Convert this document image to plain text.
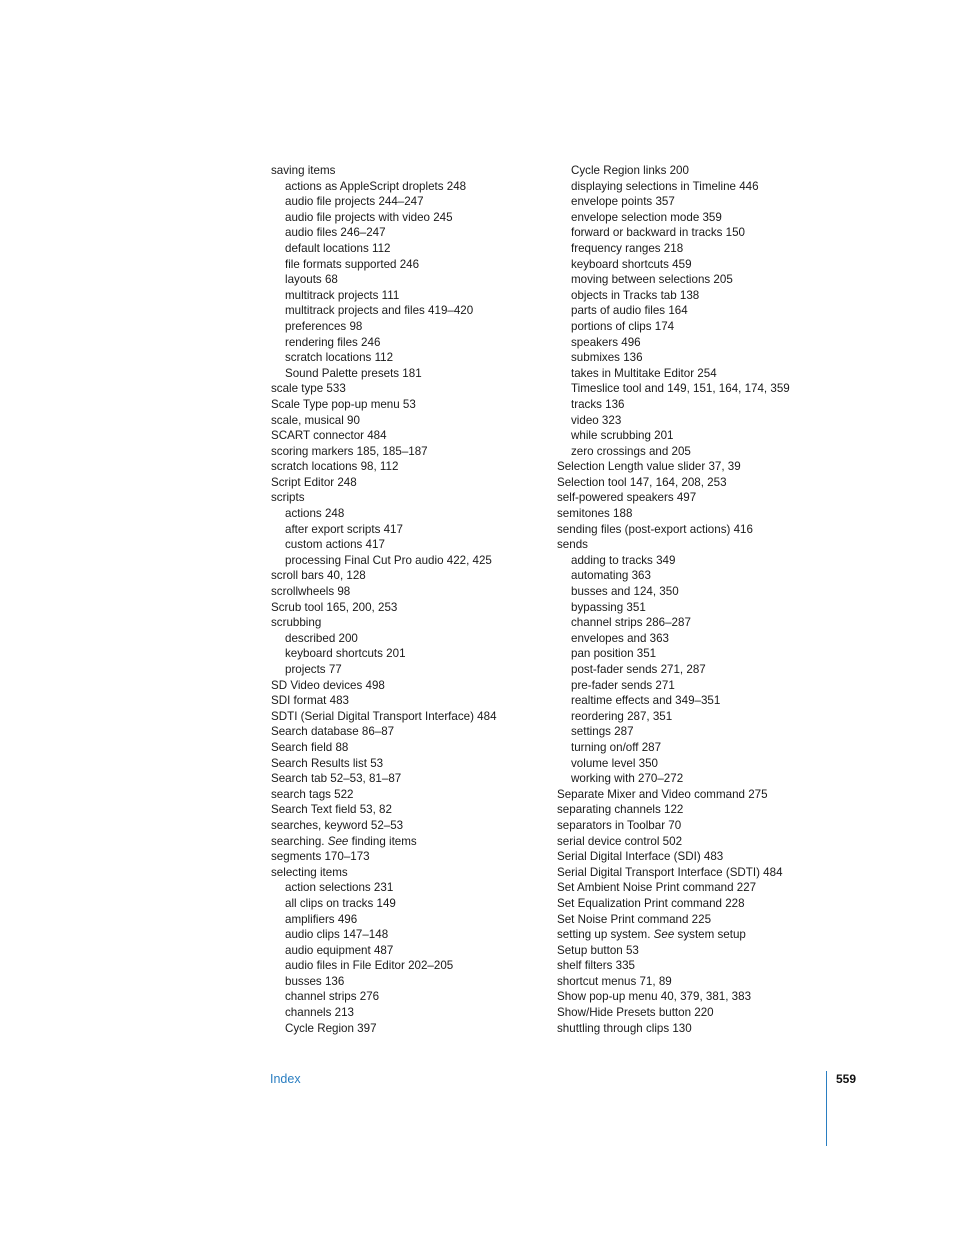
saving items
actions as AppleScript droplets 248
audio file projects 244–247
audio file projects with video 245
audio files 246–247
default locations 112
file formats supported 246
layouts 68
multitrack projects 111
multitrack projects and files 419–420
preferences 98
rendering files 246
scratch locations 112
Sound Palette presets 181
scale type 533
Scale Type pop-up menu 53
scale, musical 90
SCART connector 484
scoring markers 185, 185–187
scratch locations 98, 112
Script Editor 248
scripts
actions 248
after export scripts 417
custom actions 417
processing Final Cut Pro audio 422, 425
scroll bars 40, 128
scrollwheels 98
Scrub tool 165, 200, 253
scrubbing
described 200
keyboard shortcuts 201
projects 77
SD Video devices 498
SDI format 483
SDTI (Serial Digital Transport Interface) 484
Search database 86–87
Search field 88
Search Results list 53
Search tab 52–53, 81–87
search tags 522
Search Text field 53, 82
searches, keyword 52–53
searching. See finding items
segments 170–173
selecting items
action selections 231
all clips on tracks 149
amplifiers 496
audio clips 147–148
audio equipment 487
audio files in File Editor 202–205
busses 136
channel strips 276
channels 213
Cycle Region 397
Cycle Region links 200
displaying selections in Timeline 446
envelope points 357
envelope selection mode 359
forward or backward in tracks 150
frequency ranges 218
keyboard shortcuts 459
moving between selections 205
objects in Tracks tab 138
parts of audio files 164
portions of clips 174
speakers 496
submixes 136
takes in Multitake Editor 254
Timeslice tool and 149, 151, 164, 174, 359
tracks 136
video 323
while scrubbing 201
zero crossings and 205
Selection Length value slider 37, 39
Selection tool 147, 164, 208, 253
self-powered speakers 497
semitones 188
sending files (post-export actions) 416
sends
adding to tracks 349
automating 363
busses and 124, 350
bypassing 351
channel strips 286–287
envelopes and 363
pan position 351
post-fader sends 271, 287
pre-fader sends 271
realtime effects and 349–351
reordering 287, 351
settings 287
turning on/off 287
volume level 350
working with 270–272
Separate Mixer and Video command 275
separating channels 122
separators in Toolbar 70
serial device control 502
Serial Digital Interface (SDI) 483
Serial Digital Transport Interface (SDTI) 484
Set Ambient Noise Print command 227
Set Equalization Print command 228
Set Noise Print command 225
setting up system. See system setup
Setup button 53
shelf filters 335
shortcut menus 71, 89
Show pop-up menu 40, 379, 381, 383
Show/Hide Presets button 220
shuttling through clips 130
Index	559
